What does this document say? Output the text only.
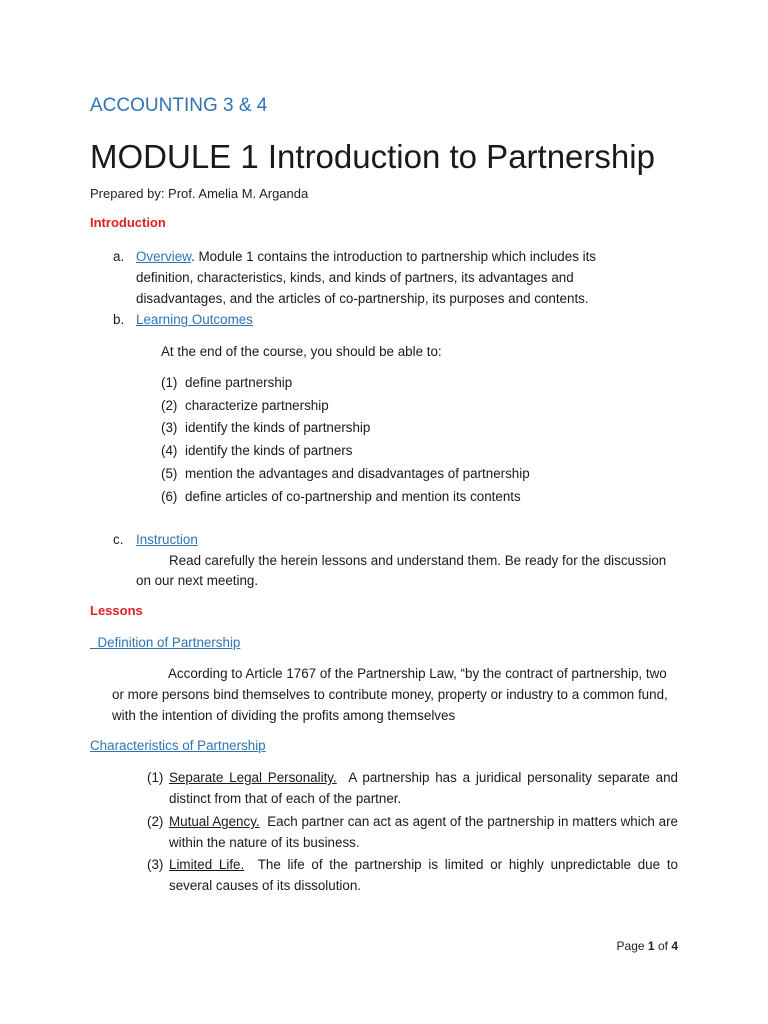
ACCOUNTING 3 & 4
MODULE 1 Introduction to Partnership
Prepared by: Prof. Amelia M. Arganda
Introduction
a. Overview. Module 1 contains the introduction to partnership which includes its definition, characteristics, kinds, and kinds of partners, its advantages and disadvantages, and the articles of co-partnership, its purposes and contents.
b. Learning Outcomes
At the end of the course, you should be able to:
(1) define partnership
(2) characterize partnership
(3) identify the kinds of partnership
(4) identify the kinds of partners
(5) mention the advantages and disadvantages of partnership
(6) define articles of co-partnership and mention its contents
c. Instruction
Read carefully the herein lessons and understand them. Be ready for the discussion
on our next meeting.
Lessons
Definition of Partnership
According to Article 1767 of the Partnership Law, “by the contract of partnership, two or more persons bind themselves to contribute money, property or industry to a common fund, with the intention of dividing the profits among themselves
Characteristics of Partnership
(1) Separate Legal Personality. A partnership has a juridical personality separate and distinct from that of each of the partner.
(2) Mutual Agency. Each partner can act as agent of the partnership in matters which are within the nature of its business.
(3) Limited Life. The life of the partnership is limited or highly unpredictable due to several causes of its dissolution.
Page 1 of 4
